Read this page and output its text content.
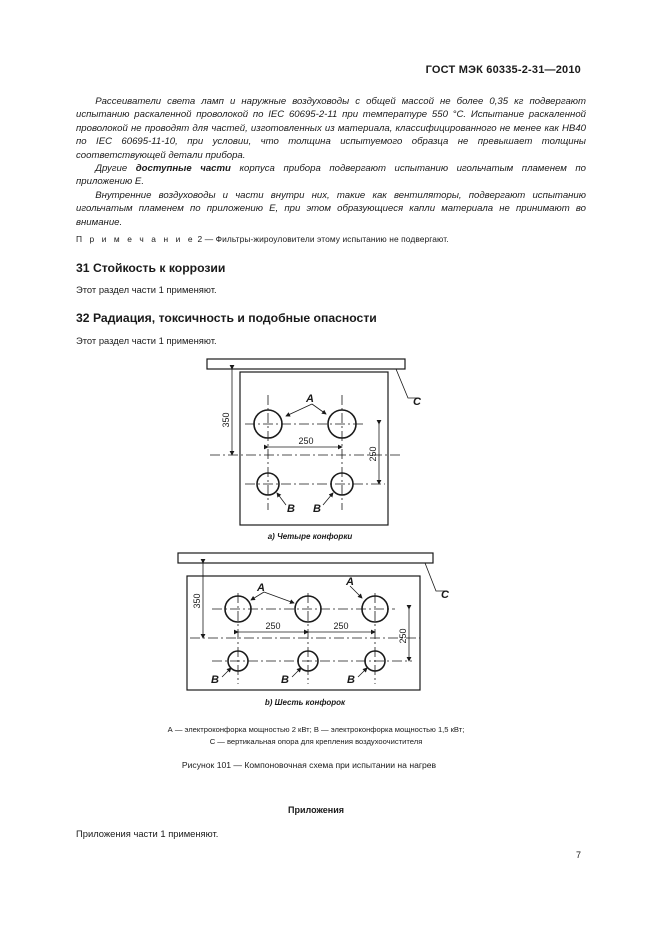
ГОСТ МЭК 60335-2-31—2010

  Рассеиватели света ламп и наружные воздуховоды с общей массой не более 0,35 кг подвергают испытанию раскаленной проволокой по IEC 60695-2-11 при температуре 550 °С. Испытание раскаленной проволокой не проводят для частей, изготовленных из материала, классифицированного не менее как HB40 по IEC 60695-11-10, при условии, что толщина испытуемого образца не превышает толщины соответствующей детали прибора.

  Другие доступные части корпуса прибора подвергают испытанию игольчатым пламенем по приложению Е.

  Внутренние воздуховоды и части внутри них, такие как вентиляторы, подвергают испытанию игольчатым пламенем по приложению Е, при этом образующиеся капли материала не принимают во внимание.

П р и м е ч а н и е 2 — Фильтры-жироуловители этому испытанию не подвергают.
31 Стойкость к коррозии
Этот раздел части 1 применяют.
32 Радиация, токсичность и подобные опасности
Этот раздел части 1 применяют.
350
250
250
A
B B
C
350
250	250
250
A	A
B	B	B
C
а) Четыре конфорки
b) Шесть конфорок
А — электроконфорка мощностью 2 кВт; В — электроконфорка мощностью 1,5 кВт;
С — вертикальная опора для крепления воздухоочистителя
Рисунок 101 — Компоновочная схема при испытании на нагрев
Приложения
Приложения части 1 применяют.
7
